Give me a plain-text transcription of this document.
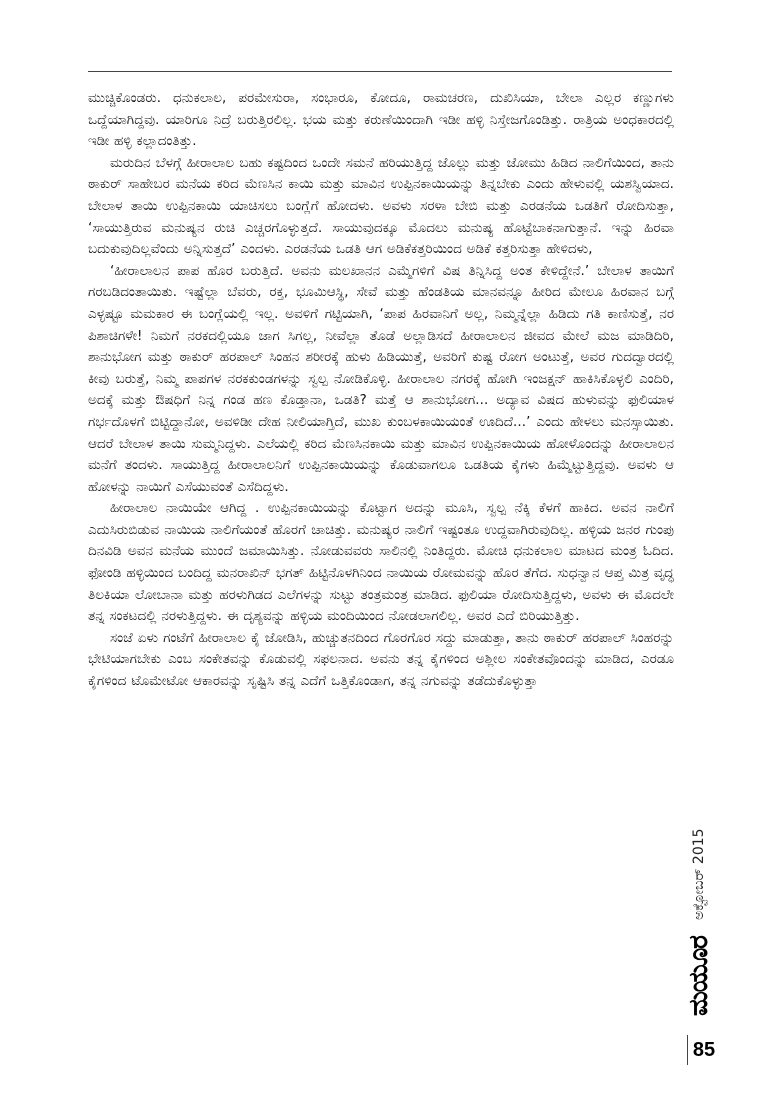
ಮುಚ್ಚಿಕೊಂಡರು. ಧನುಕಲಾಲ, ಪರಮೇಸುರಾ, ಸಂಭಾರೂ, ಕೋದೂ, ರಾಮಚರಣ, ದುಖಿಸಿಯಾ, ಬೇಲಾ ಎಲ್ಲರ ಕಣ್ಣುಗಳು ಒದ್ದೆಯಾಗಿದ್ದವು. ಯಾರಿಗೂ ನಿದ್ರೆ ಬರುತ್ತಿರಲಿಲ್ಲ. ಭಯ ಮತ್ತು ಕರುಣೆಯಿಂದಾಗಿ ಇಡೀ ಹಳ್ಳಿ ನಿಸ್ತೇಜಗೊಂಡಿತ್ತು. ರಾತ್ರಿಯ ಅಂಧಕಾರದಲ್ಲಿ ಇಡೀ ಹಳ್ಳಿ ಕಲ್ಲಾದಂತಿತ್ತು.

ಮರುದಿನ ಬೆಳಗ್ಗೆ ಹೀರಾಲಾಲ ಬಹು ಕಷ್ಟದಿಂದ ಒಂದೇ ಸಮನೆ ಹರಿಯುತ್ತಿದ್ದ ಜೊಲ್ಲು ಮತ್ತು ಜೋಮು ಹಿಡಿದ ನಾಲಿಗೆಯಿಂದ, ತಾನು ಠಾಕುರ್ ಸಾಹೇಬರ ಮನೆಯ ಕರಿದ ಮೆಣಸಿನ ಕಾಯಿ ಮತ್ತು ಮಾವಿನ ಉಪ್ಪಿನಕಾಯಿಯನ್ನು ತಿನ್ನಬೇಕು ಎಂದು ಹೇಳುವಲ್ಲಿ ಯಶಸ್ವಿಯಾದ. ಬೇಲಾಳ ತಾಯಿ ಉಪ್ಪಿನಕಾಯಿ ಯಾಚಿಸಲು ಬಂಗ್ಲೆಗೆ ಹೋದಳು. ಅವಳು ಸರಳಾ ಬೇಬಿ ಮತ್ತು ಎರಡನೆಯ ಒಡತಿಗೆ ರೋದಿಸುತ್ತಾ, ‘ಸಾಯುತ್ತಿರುವ ಮನುಷ್ಯನ ರುಚಿ ಎಚ್ಚರಗೊಳ್ಳುತ್ತದೆ. ಸಾಯುವುದಕ್ಕೂ ಮೊದಲು ಮನುಷ್ಯ ಹೊಟ್ಟೆಬಾಕನಾಗುತ್ತಾನೆ. ಇನ್ನು ಹಿರವಾ ಬದುಕುವುದಿಲ್ಲವೆಂದು ಅನ್ನಿಸುತ್ತದೆ’ ಎಂದಳು. ಎರಡನೆಯ ಒಡತಿ ಆಗ ಅಡಿಕೆಕತ್ತರಿಯಿಂದ ಅಡಿಕೆ ಕತ್ತರಿಸುತ್ತಾ ಹೇಳಿದಳು,

‘ಹೀರಾಲಾಲನ ಪಾಪ ಹೊರ ಬರುತ್ತಿದೆ. ಅವನು ಮಲಖಾನನ ಎಮ್ಮೆಗಳಿಗೆ ವಿಷ ತಿನ್ನಿಸಿದ್ದ ಅಂತ ಕೇಳಿದ್ದೇನೆ.’ ಬೇಲಾಳ ತಾಯಿಗೆ ಗರಬಡಿದಂತಾಯಿತು. ಇಷ್ಟೆಲ್ಲಾ ಬೆವರು, ರಕ್ತ, ಭೂಮಿಆಸ್ಥಿ, ಸೇವೆ ಮತ್ತು ಹೆಂಡತಿಯ ಮಾನವನ್ನೂ ಹೀರಿದ ಮೇಲೂ ಹಿರವಾನ ಬಗ್ಗೆ ಎಳ್ಳಷ್ಟೂ ಮಮಕಾರ ಈ ಬಂಗ್ಲೆಯಲ್ಲಿ ಇಲ್ಲ. ಅವಳಿಗೆ ಗಟ್ಟಿಯಾಗಿ, ‘ಪಾಪ ಹಿರವಾನಿಗೆ ಅಲ್ಲ, ನಿಮ್ಮನ್ನೆಲ್ಲಾ ಹಿಡಿದು ಗತಿ ಕಾಣಿಸುತ್ತೆ, ನರ ಪಿಶಾಚಿಗಳೇ! ನಿಮಗೆ ನರಕದಲ್ಲಿಯೂ ಜಾಗ ಸಿಗಲ್ಲ, ನೀವೆಲ್ಲಾ ತೊಡೆ ಅಲ್ಲಾಡಿಸದೆ ಹೀರಾಲಾಲನ ಜೀವದ ಮೇಲೆ ಮಜ ಮಾಡಿದಿರಿ, ಶಾನುಭೋಗ ಮತ್ತು ಠಾಕುರ್ ಹರಪಾಲ್ ಸಿಂಹನ ಶರೀರಕ್ಕೆ ಹುಳು ಹಿಡಿಯುತ್ತೆ, ಅವರಿಗೆ ಕುಷ್ಟ ರೋಗ ಅಂಟುತ್ತೆ, ಅವರ ಗುದದ್ವಾರದಲ್ಲಿ ಕೀವು ಬರುತ್ತೆ, ನಿಮ್ಮ ಪಾಪಗಳ ನರಕಕುಂಡಗಳನ್ನು ಸ್ವಲ್ಪ ನೋಡಿಕೊಳ್ಳಿ. ಹೀರಾಲಾಲ ನಗರಕ್ಕೆ ಹೋಗಿ ಇಂಜಕ್ಷನ್ ಹಾಕಿಸಿಕೊಳ್ಳಲಿ ಎಂದಿರಿ, ಅದಕ್ಕೆ ಮತ್ತು ಔಷಧಿಗೆ ನಿನ್ನ ಗಂಡ ಹಣ ಕೊಡ್ತಾನಾ, ಒಡತಿ? ಮತ್ತೆ ಆ ಶಾನುಭೋಗ... ಅದ್ಯಾವ ವಿಷದ ಹುಳುವನ್ನು ಫುಲಿಯಾಳ ಗರ್ಭದೊಳಗೆ ಬಿಟ್ಟಿದ್ದಾನೋ, ಅವಳಿಡೀ ದೇಹ ನೀಲಿಯಾಗ್ತಿದೆ, ಮುಖ ಕುಂಬಳಕಾಯಿಯಂತೆ ಊದಿದೆ...’ ಎಂದು ಹೇಳಲು ಮನಸ್ಸಾಯಿತು. ಆದರೆ ಬೇಲಾಳ ತಾಯಿ ಸುಮ್ಮನಿದ್ದಳು. ಎಲೆಯಲ್ಲಿ ಕರಿದ ಮೆಣಸಿನಕಾಯಿ ಮತ್ತು ಮಾವಿನ ಉಪ್ಪಿನಕಾಯಿಯ ಹೋಳೊಂದನ್ನು ಹೀರಾಲಾಲನ ಮನೆಗೆ ತಂದಳು. ಸಾಯುತ್ತಿದ್ದ ಹೀರಾಲಾಲನಿಗೆ ಉಪ್ಪಿನಕಾಯಿಯನ್ನು ಕೊಡುವಾಗಲೂ ಒಡತಿಯ ಕೈಗಳು ಹಿಮ್ಮೆಟ್ಟುತ್ತಿದ್ದವು. ಅವಳು ಆ ಹೋಳನ್ನು ನಾಯಿಗೆ ಎಸೆಯುವಂತೆ ಎಸೆದಿದ್ದಳು.

ಹೀರಾಲಾಲ ನಾಯಿಯೇ ಆಗಿದ್ದ . ಉಪ್ಪಿನಕಾಯಿಯನ್ನು ಕೊಟ್ಟಾಗ ಅದನ್ನು ಮೂಸಿ, ಸ್ವಲ್ಪ ನೆಕ್ಕಿ ಕೆಳಗೆ ಹಾಕಿದ. ಅವನ ನಾಲಿಗೆ ಎದುಸಿರುಬಿಡುವ ನಾಯಿಯ ನಾಲಿಗೆಯಂತೆ ಹೊರಗೆ ಚಾಚಿತ್ತು. ಮನುಷ್ಯರ ನಾಲಿಗೆ ಇಷ್ಟಂತೂ ಉದ್ದವಾಗಿರುವುದಿಲ್ಲ. ಹಳ್ಳಿಯ ಜನರ ಗುಂಪು ದಿನವಿಡಿ ಅವನ ಮನೆಯ ಮುಂದೆ ಜಮಾಯಿಸಿತ್ತು. ನೋಡುವವರು ಸಾಲಿನಲ್ಲಿ ನಿಂತಿದ್ದರು. ಮೋಚಿ ಧನುಕಲಾಲ ಮಾಟದ ಮಂತ್ರ ಓದಿದ. ಫೋಂಡಿ ಹಳ್ಳಿಯಿಂದ ಬಂದಿದ್ದ ಮನರಾಖಿನ್ ಭಗತ್ ಹಿಟ್ಟಿನೊಳಗಿನಿಂದ ನಾಯಿಯ ರೋಮವನ್ನು ಹೊರ ತೆಗೆದ. ಸುಧನ್ವಾನ ಆಪ್ತ ಮಿತ್ರ ವೃದ್ಧ ತಿಲಕಿಯಾ ಲೋಬಾನಾ ಮತ್ತು ಹರಳುಗಿಡದ ಎಲೆಗಳನ್ನು ಸುಟ್ಟು ತಂತ್ರಮಂತ್ರ ಮಾಡಿದ. ಫುಲಿಯಾ ರೋದಿಸುತ್ತಿದ್ದಳು, ಅವಳು ಈ ಮೊದಲೇ ತನ್ನ ಸಂಕಟದಲ್ಲಿ ನರಳುತ್ತಿದ್ದಳು. ಈ ದೃಶ್ಯವನ್ನು ಹಳ್ಳಿಯ ಮಂದಿಯಿಂದ ನೋಡಲಾಗಲಿಲ್ಲ. ಅವರ ಎದೆ ಬಿರಿಯುತ್ತಿತ್ತು.

ಸಂಜೆ ಏಳು ಗಂಟೆಗೆ ಹೀರಾಲಾಲ ಕೈ ಜೋಡಿಸಿ, ಹುಚ್ಚುತನದಿಂದ ಗೊರಗೊರ ಸದ್ದು ಮಾಡುತ್ತಾ, ತಾನು ಠಾಕುರ್ ಹರಪಾಲ್ ಸಿಂಹರನ್ನು ಭೇಟಿಯಾಗಬೇಕು ಎಂಬ ಸಂಕೇತವನ್ನು ಕೊಡುವಲ್ಲಿ ಸಫಲನಾದ. ಅವನು ತನ್ನ ಕೈಗಳಿಂದ ಅಶ್ಲೀಲ ಸಂಕೇತವೊಂದನ್ನು ಮಾಡಿದ, ಎರಡೂ ಕೈಗಳಿಂದ ಟೊಮೇಟೋ ಆಕಾರವನ್ನು ಸೃಷ್ಟಿಸಿ ತನ್ನ ಎದೆಗೆ ಒತ್ತಿಕೊಂಡಾಗ, ತನ್ನ ನಗುವನ್ನು ತಡೆದುಕೊಳ್ಳುತ್ತಾ

ಅಕ್ಟೋಬರ್ 2015
ಮಯೂರ
85
